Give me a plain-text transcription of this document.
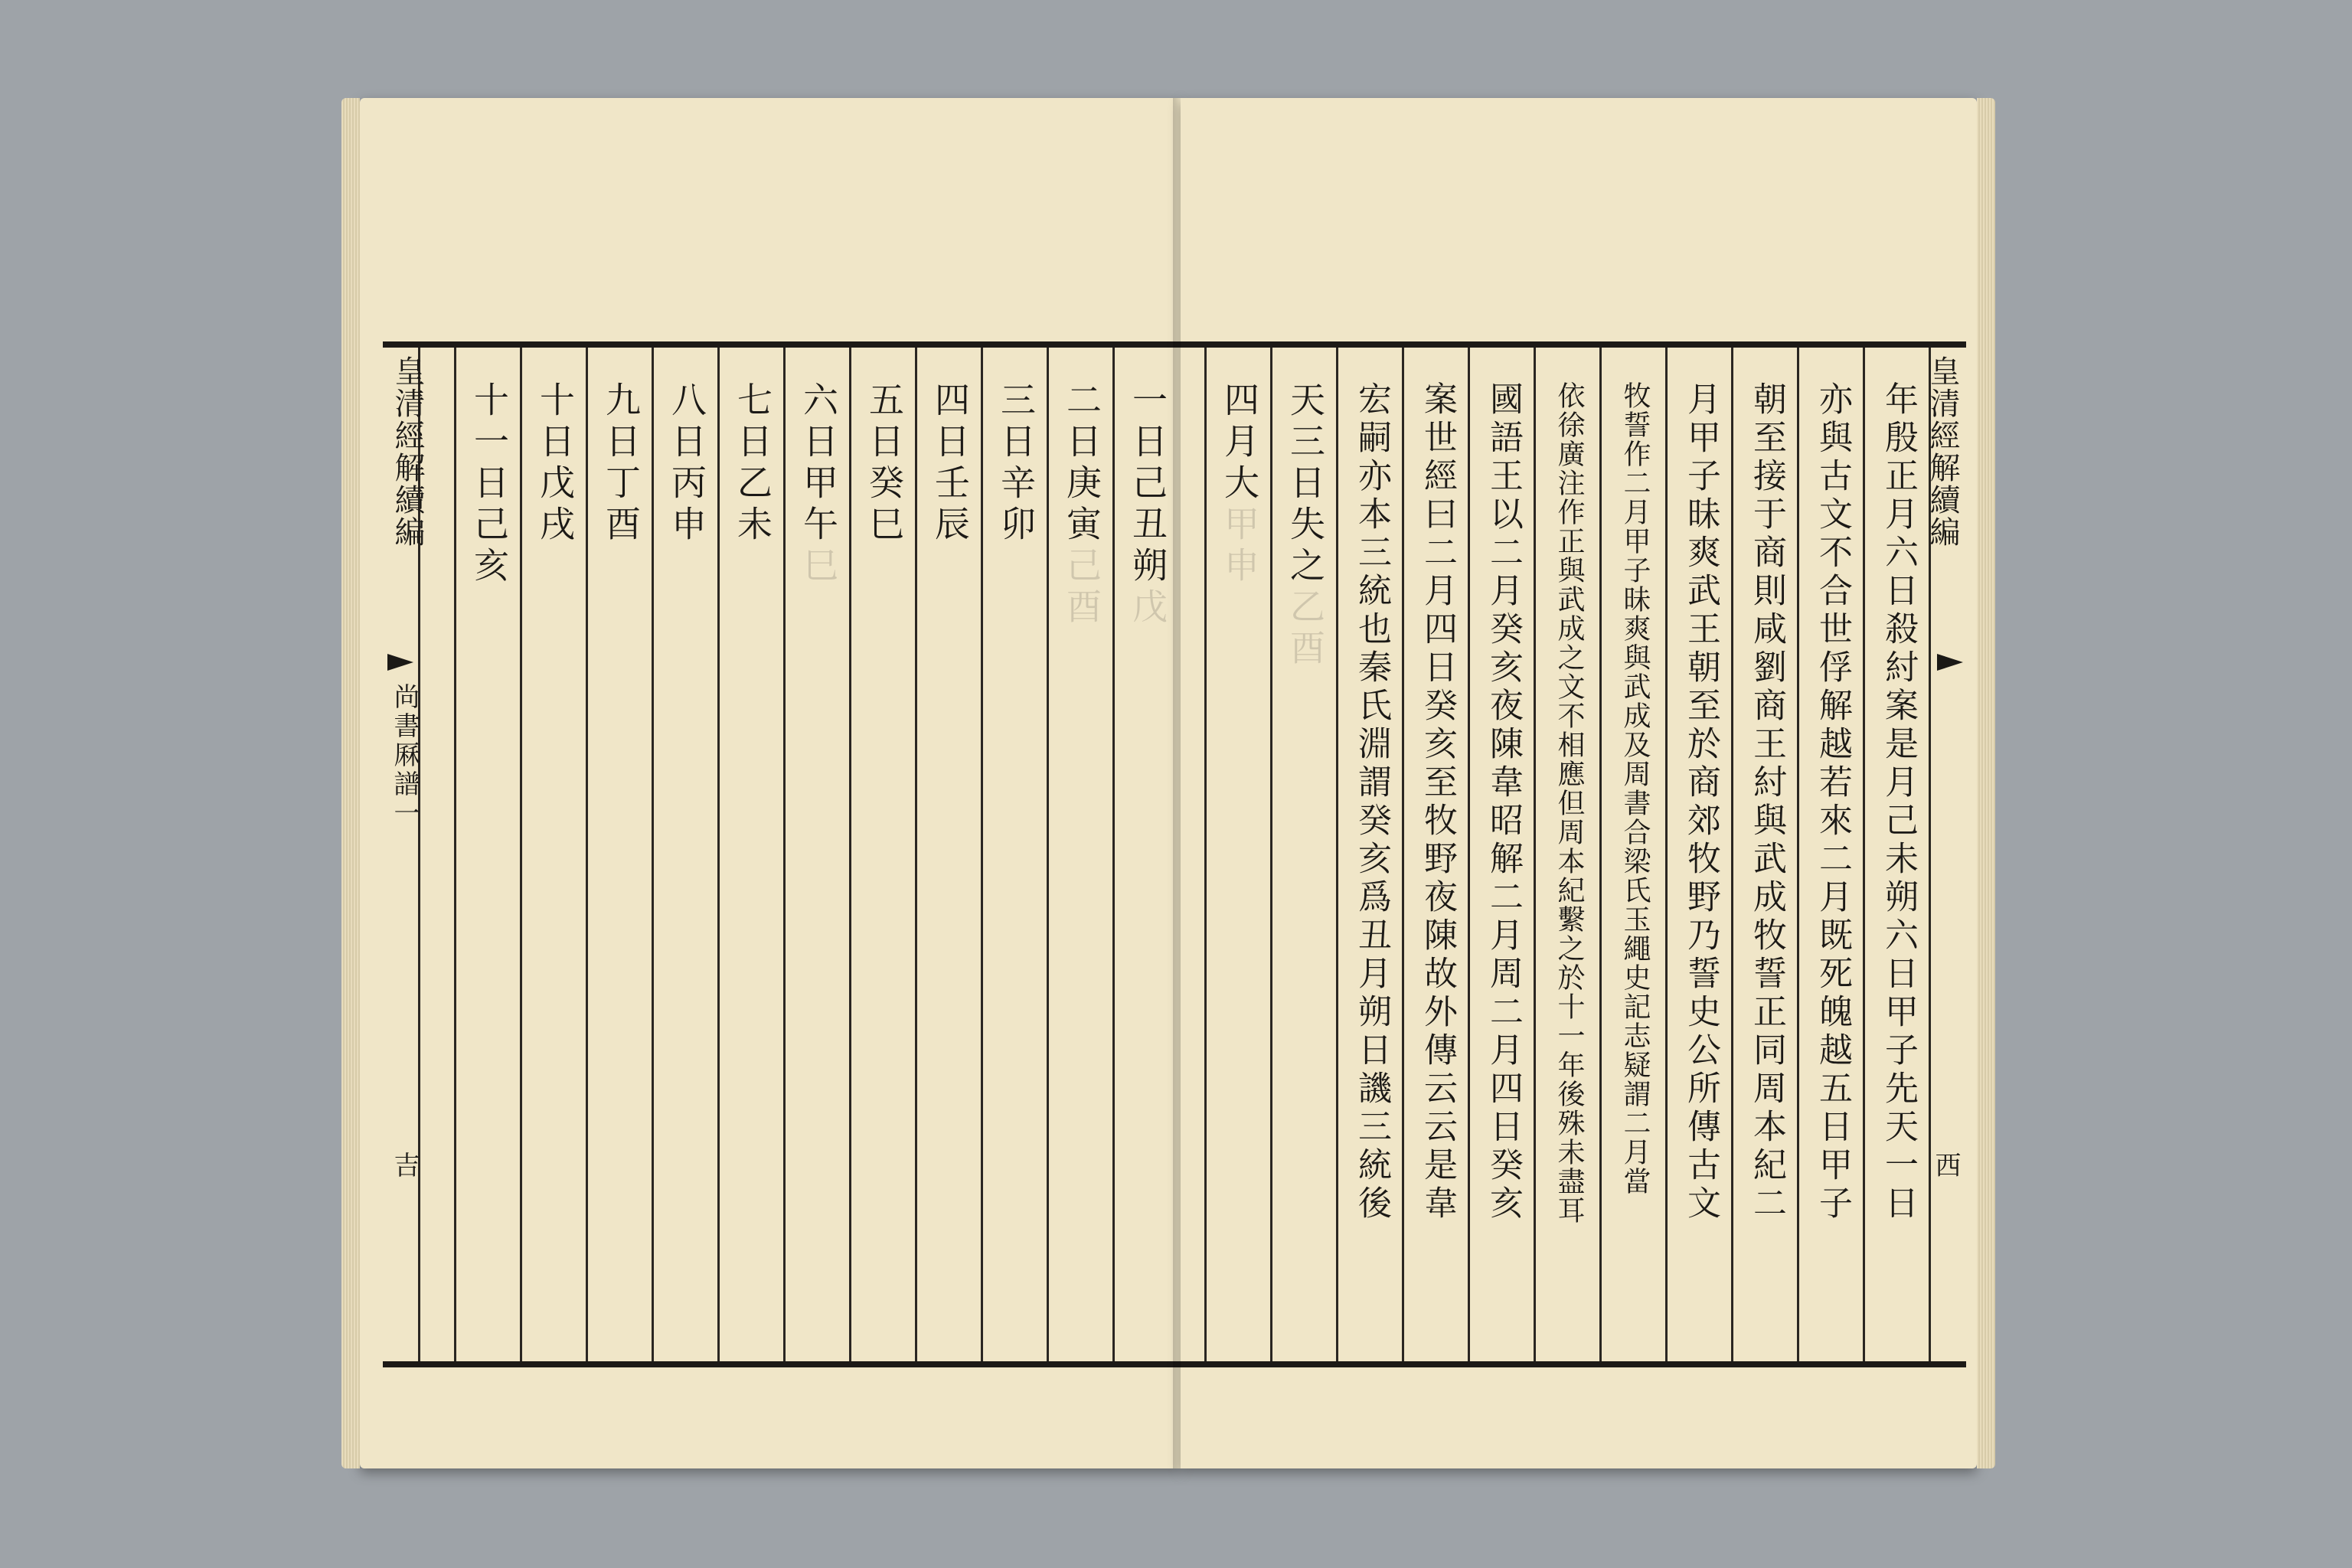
一日己丑朔戊
二日庚寅己酉
三日辛卯
四日壬辰
五日癸巳
六日甲午巳
七日乙未
八日丙申
九日丁酉
十日戊戌
十一日己亥
皇清經解續編
尚書厤譜一
吉
皇清經解續編
西
年殷正月六日殺紂案是月己未朔六日甲子先天一日
亦與古文不合世俘解越若來二月既死魄越五日甲子
朝至接于商則咸劉商王紂與武成牧誓正同周本紀二
月甲子昧爽武王朝至於商郊牧野乃誓史公所傳古文
牧誓作二月甲子昧爽與武成及周書合梁氏玉繩史記志疑謂二月當
依徐廣注作正與武成之文不相應但周本紀繫之於十一年後殊未盡耳
國語王以二月癸亥夜陳韋昭解二月周二月四日癸亥
案世經曰二月四日癸亥至牧野夜陳故外傳云云是韋
宏嗣亦本三統也秦氏淵謂癸亥爲丑月朔日譏三統後
天三日失之乙酉
四月大甲申
